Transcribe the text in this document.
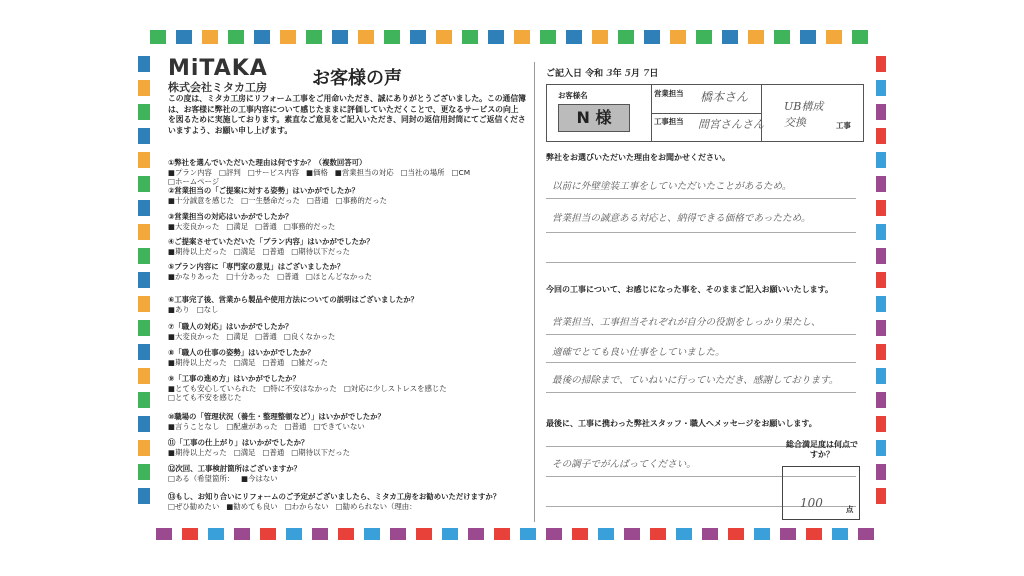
MiTAKA
株式会社ミタカ工房	お客様の声
この度は、ミタカ工房にリフォーム工事をご用命いただき、誠にありがとうございました。この通信簿は、お客様に弊社の工事内容について感じたままに評価していただくことで、更なるサービスの向上を図るために実施しております。素直なご意見をご記入いただき、同封の返信用封筒にてご返信くださいますよう、お願い申し上げます。
①弊社を選んでいただいた理由は何ですか？（複数回答可）
■ プラン内容 □ 評判 □ サービス内容 ■ 価格 ■ 営業担当の対応 □ 当社の場所 □ CM□ ホームページ
②営業担当の「ご提案に対する姿勢」はいかがでしたか？
■ 十分誠意を感じた □ 一生懸命だった □ 普通 □ 事務的だった
③営業担当の対応はいかがでしたか？
■ 大変良かった □ 満足 □ 普通 □ 事務的だった
④ご提案させていただいた「プラン内容」はいかがでしたか？
■ 期待以上だった □ 満足 □ 普通 □ 期待以下だった
⑤プラン内容に「専門家の意見」はございましたか？
■ かなりあった □ 十分あった □ 普通 □ ほとんどなかった
⑥工事完了後、営業から製品や使用方法についての説明はございましたか？
■ あり □ なし
⑦「職人の対応」はいかがでしたか？
■ 大変良かった □ 満足 □ 普通 □ 良くなかった
⑧「職人の仕事の姿勢」はいかがでしたか？
■ 期待以上だった □ 満足 □ 普通 □ 雑だった
⑨「工事の進め方」はいかがでしたか？
■ とても安心していられた □ 特に不安はなかった □ 対応に少しストレスを感じた□ とても不安を感じた
⑩職場の「管理状況（養生・整理整頓など）」はいかがでしたか？
■ 言うことなし □ 配慮があった □ 普通 □ できていない
⑪「工事の仕上がり」はいかがでしたか？
■ 期待以上だった □ 満足 □ 普通 □ 期待以下だった
⑫次回、工事検討箇所はございますか？
□ ある（希望箇所： ■ 今はない
⑬もし、お知り合いにリフォームのご予定がございましたら、ミタカ工房をお勧めいただけますか？
□ ぜひ勧めたい ■ 勧めても良い □ わからない □ 勧められない（理由：
ご記入日 令和 3年 5月 7日
お客様名
N 様
営業担当 橋本さん
工事担当 間宮さんさん
UB構成 交換	工事
弊社をお選びいただいた理由をお聞かせください。
以前に外壁塗装工事をしていただいたことがあるため。
営業担当の誠意ある対応と、納得できる価格であったため。
今回の工事について、お感じになった事を、そのままご記入お願いいたします。
営業担当、工事担当それぞれが自分の役割をしっかり果たし、
適確でとても良い仕事をしていました。
最後の掃除まで、ていねいに行っていただき、感謝しております。
最後に、工事に携わった弊社スタッフ・職人へメッセージをお願いします。
その調子でがんばってください。
総合満足度は何点ですか？
100	点
